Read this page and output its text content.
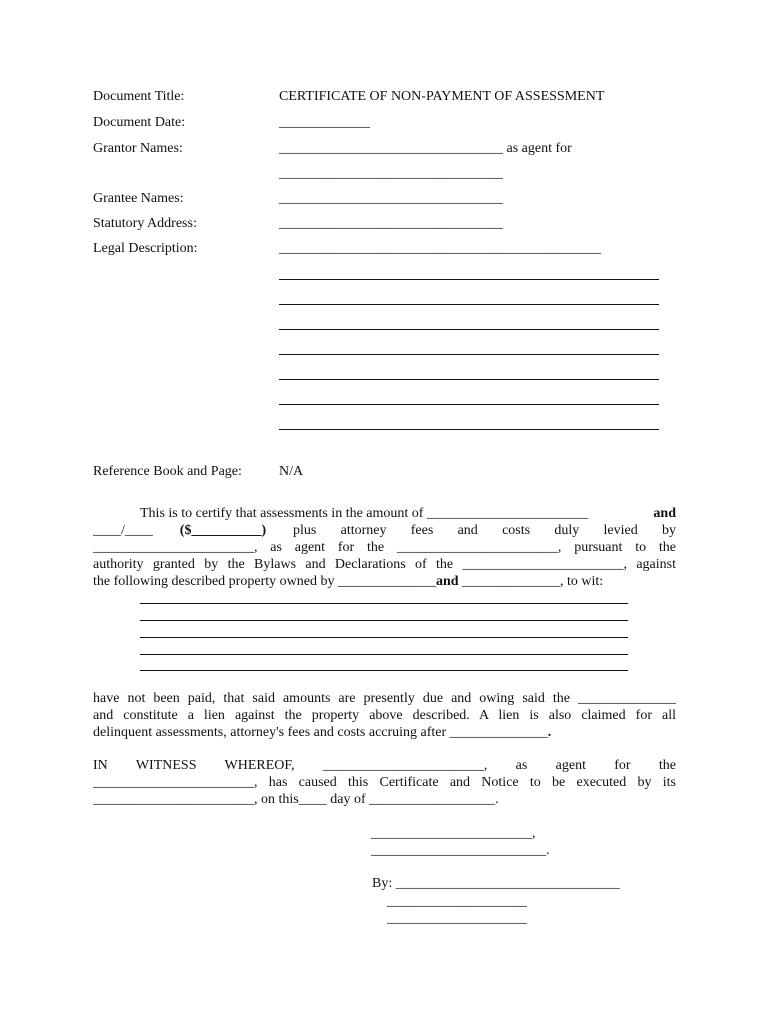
Document Title:	CERTIFICATE OF NON-PAYMENT OF ASSESSMENT
Document Date:	_____________
Grantor Names:	________________________________ as agent for
________________________________
Grantee Names:	________________________________
Statutory Address:	________________________________
Legal Description:	______________________________________________
Reference Book and Page:	N/A
This is to certify that assessments in the amount of _______________________	and
____/____ ($__________) plus attorney fees and costs duly levied by
_______________________, as agent for the _______________________, pursuant to the
authority granted by the Bylaws and Declarations of the _______________________, against
the following described property owned by ______________and ______________, to wit:
have not been paid, that said amounts are presently due and owing said the ______________
and constitute a lien against the property above described. A lien is also claimed for all
delinquent assessments, attorney's fees and costs accruing after ______________.
IN WITNESS WHEREOF, _______________________, as agent for the
_______________________, has caused this Certificate and Notice to be executed by its
_______________________, on this____ day of __________________.
_______________________,
_________________________.
By: ________________________________
____________________
____________________
